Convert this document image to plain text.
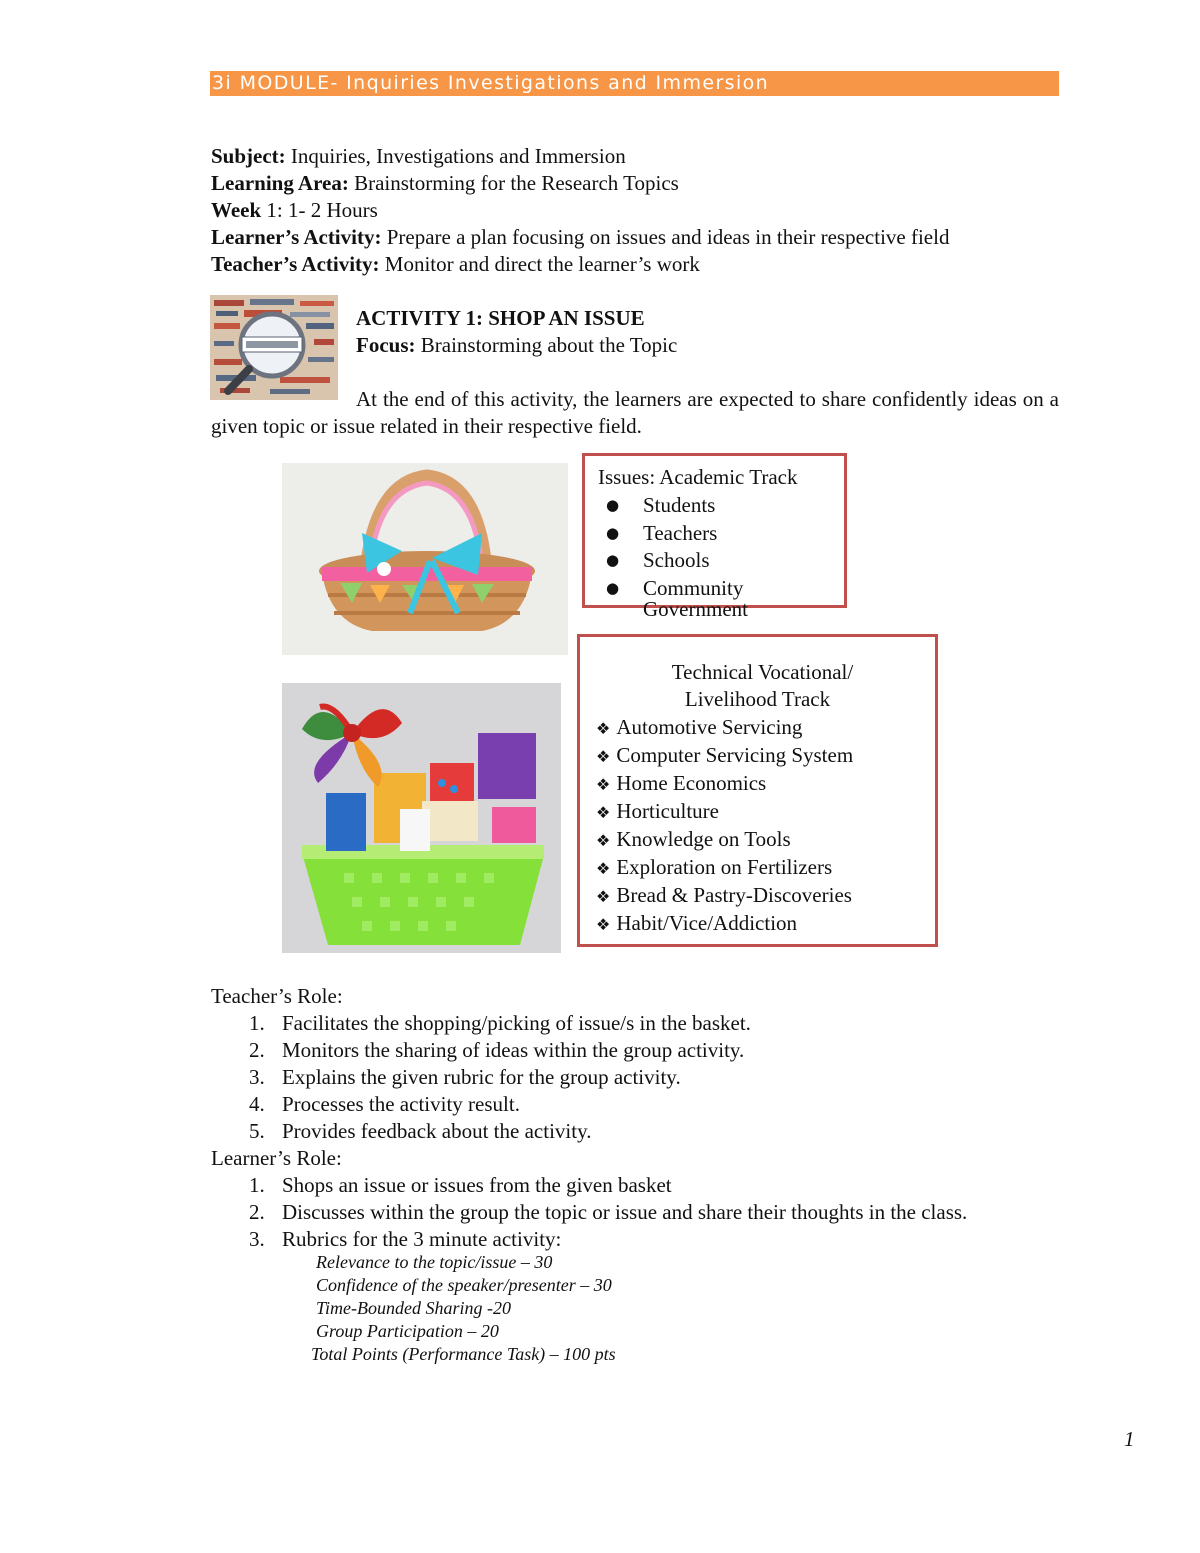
3i MODULE- Inquiries Investigations and Immersion
Subject: Inquiries, Investigations and Immersion
Learning Area: Brainstorming for the Research Topics
Week 1: 1- 2 Hours
Learner’s Activity: Prepare a plan focusing on issues and ideas in their respective field
Teacher’s Activity: Monitor and direct the learner’s work
ACTIVITY 1: SHOP AN ISSUE
Focus: Brainstorming about the Topic
At the end of this activity, the learners are expected to share confidently ideas on a given topic or issue related in their respective field.
Issues: Academic Track
● Students
● Teachers
● Schools
● Community
Government
Technical Vocational/
Livelihood Track
❖ Automotive Servicing
❖ Computer Servicing System
❖ Home Economics
❖ Horticulture
❖ Knowledge on Tools
❖ Exploration on Fertilizers
❖ Bread & Pastry-Discoveries
❖ Habit/Vice/Addiction
Teacher’s Role:
1. Facilitates the shopping/picking of issue/s in the basket.
2. Monitors the sharing of ideas within the group activity.
3. Explains the given rubric for the group activity.
4. Processes the activity result.
5. Provides feedback about the activity.
Learner’s Role:
1. Shops an issue or issues from the given basket
2. Discusses within the group the topic or issue and share their thoughts in the class.
3. Rubrics for the 3 minute activity:
Relevance to the topic/issue – 30
Confidence of the speaker/presenter – 30
Time-Bounded Sharing -20
Group Participation – 20
Total Points (Performance Task) – 100 pts
1
